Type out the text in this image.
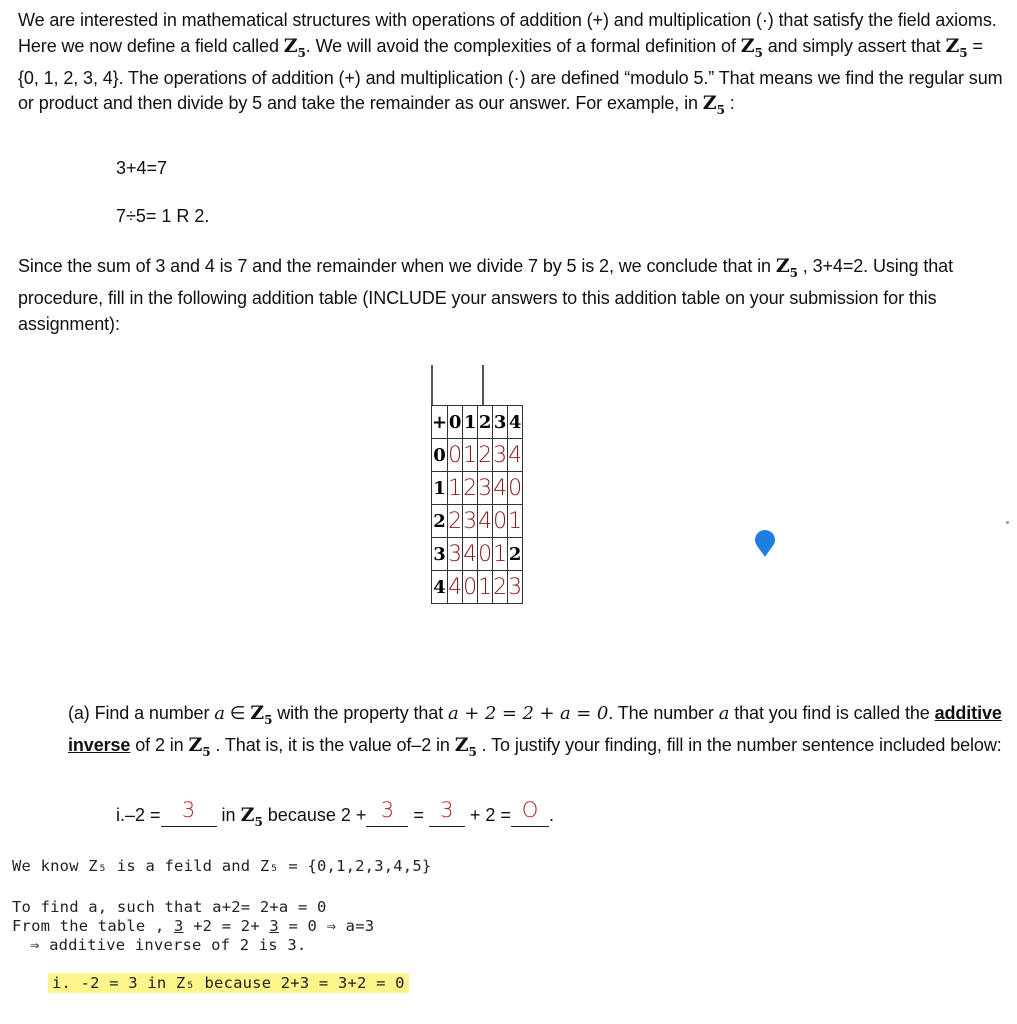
We are interested in mathematical structures with operations of addition (+) and multiplication (·) that satisfy the field axioms. Here we now define a field called $Z_5$. We will avoid the complexities of a formal definition of $Z_5$ and simply assert that $Z_5 =\{0$, 1, 2, 3, 4}. The operations of addition (+) and multiplication (·) are defined “modulo 5.” That means we find the regular sum or product and then divide by 5 and take the remainder as our answer. For example, in $Z_5$ :
3+4=7
7÷5= 1 R 2.
Since the sum of 3 and 4 is 7 and the remainder when we divide 7 by 5 is 2, we conclude that in $Z_5$ , 3+4=2. Using that procedure, fill in the following addition table (INCLUDE your answers to this addition table on your submission for this assignment):
+	0	1	2	3	4
0	0	1	2	3	4
1	1	2	3	4	0
2	2	3	4	0	1
3	3	4	0	1	2
4	4	0	1	2	3
(a) Find a number a ∈ $Z_5$ with the property that a + 2 = 2 + a = 0. The number a that you find is called the additive inverse of 2 in $Z_5$ . That is, it is the value of–2 in $Z_5$ . To justify your finding, fill in the number sentence included below:
i.–2 = 3 in $Z_5$ because 2 + 3 = 3 + 2 = O .
We know Z₅ is a feild and Z₅ = {0,1,2,3,4,5}
To find a, such that a+2= 2+a = 0
From the table , 3 +2 = 2+ 3 = 0 ⇒ a=3
⇒ additive inverse of 2 is 3.
i. -2 = 3 in Z₅ because 2+3 = 3+2 = 0
